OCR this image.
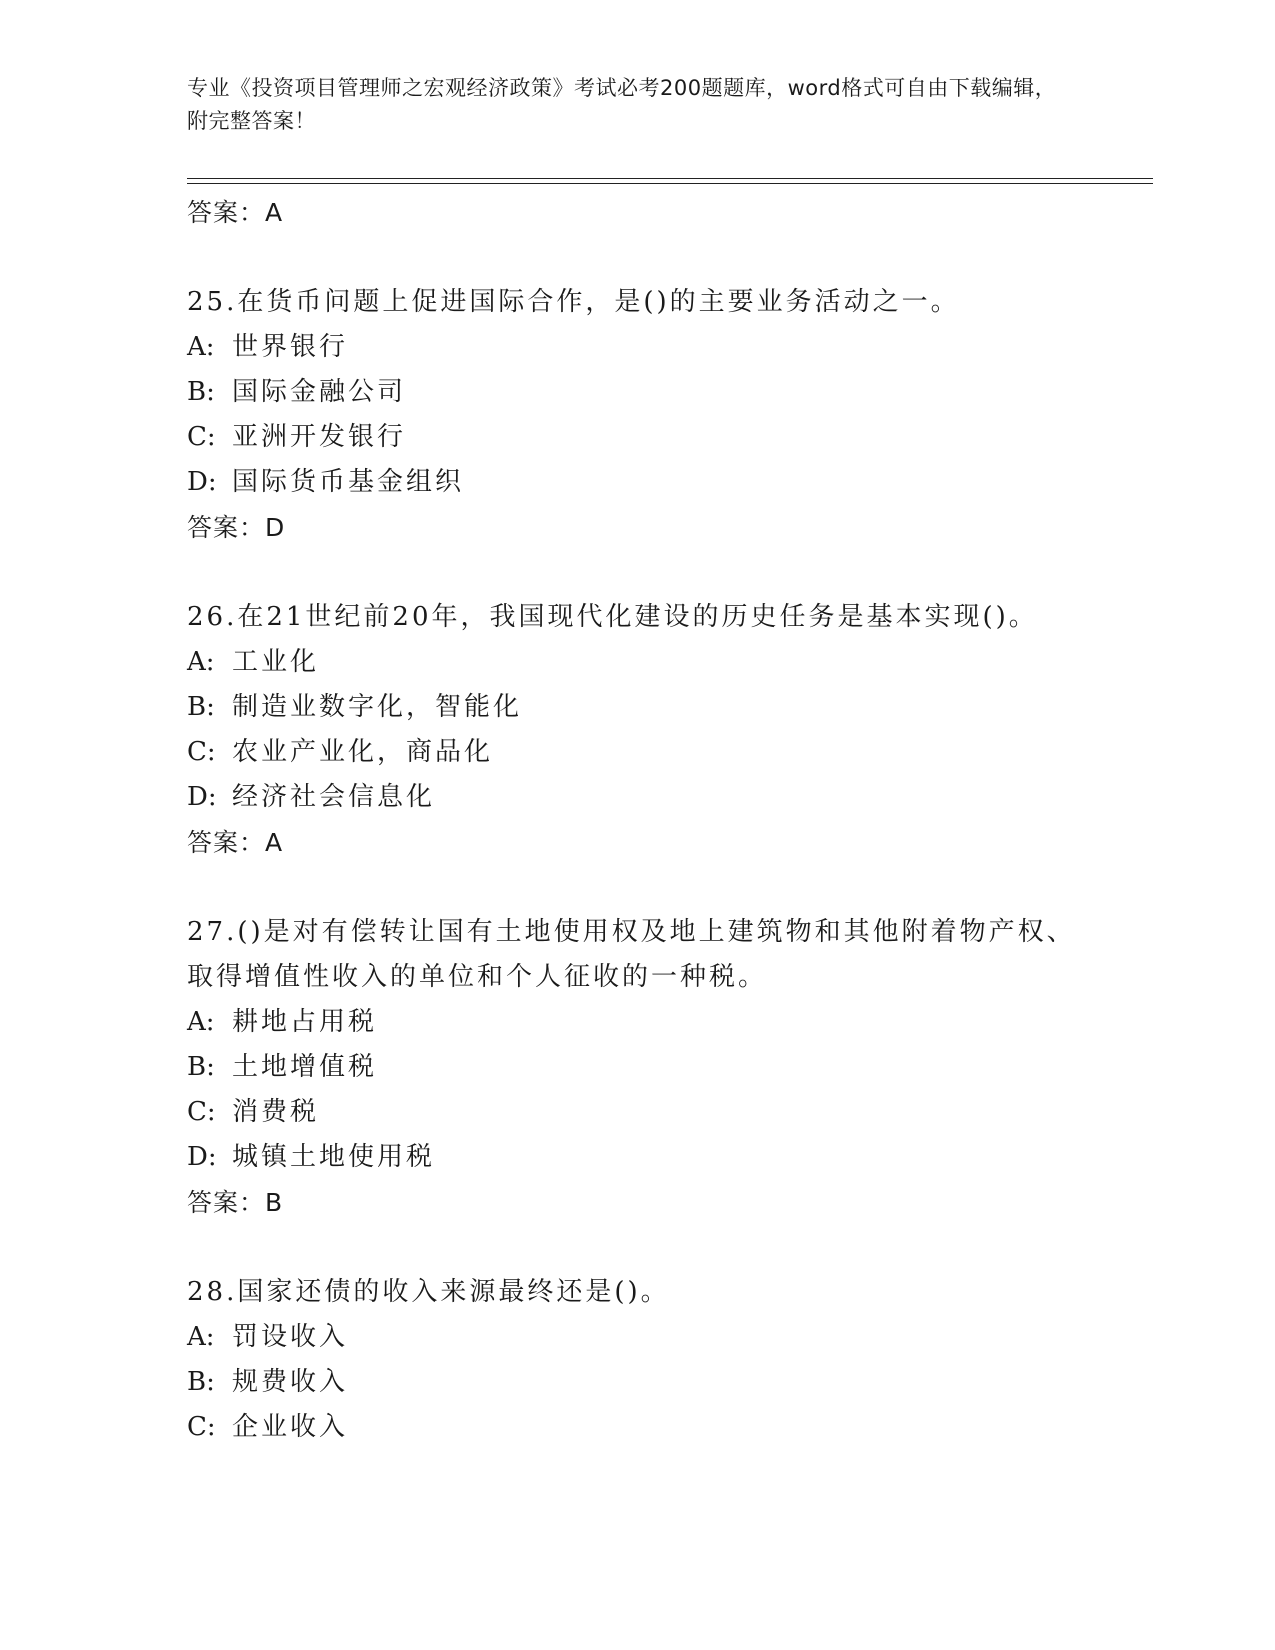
专业《投资项目管理师之宏观经济政策》考试必考200题题库，word格式可自由下载编辑，附完整答案！
答案：A
25.在货币问题上促进国际合作，是()的主要业务活动之一。
A: 世界银行
B: 国际金融公司
C: 亚洲开发银行
D: 国际货币基金组织
答案：D
26.在21世纪前20年，我国现代化建设的历史任务是基本实现()。
A: 工业化
B: 制造业数字化，智能化
C: 农业产业化，商品化
D: 经济社会信息化
答案：A
27.()是对有偿转让国有土地使用权及地上建筑物和其他附着物产权、取得增值性收入的单位和个人征收的一种税。
A: 耕地占用税
B: 土地增值税
C: 消费税
D: 城镇土地使用税
答案：B
28.国家还债的收入来源最终还是()。
A: 罚设收入
B: 规费收入
C: 企业收入
